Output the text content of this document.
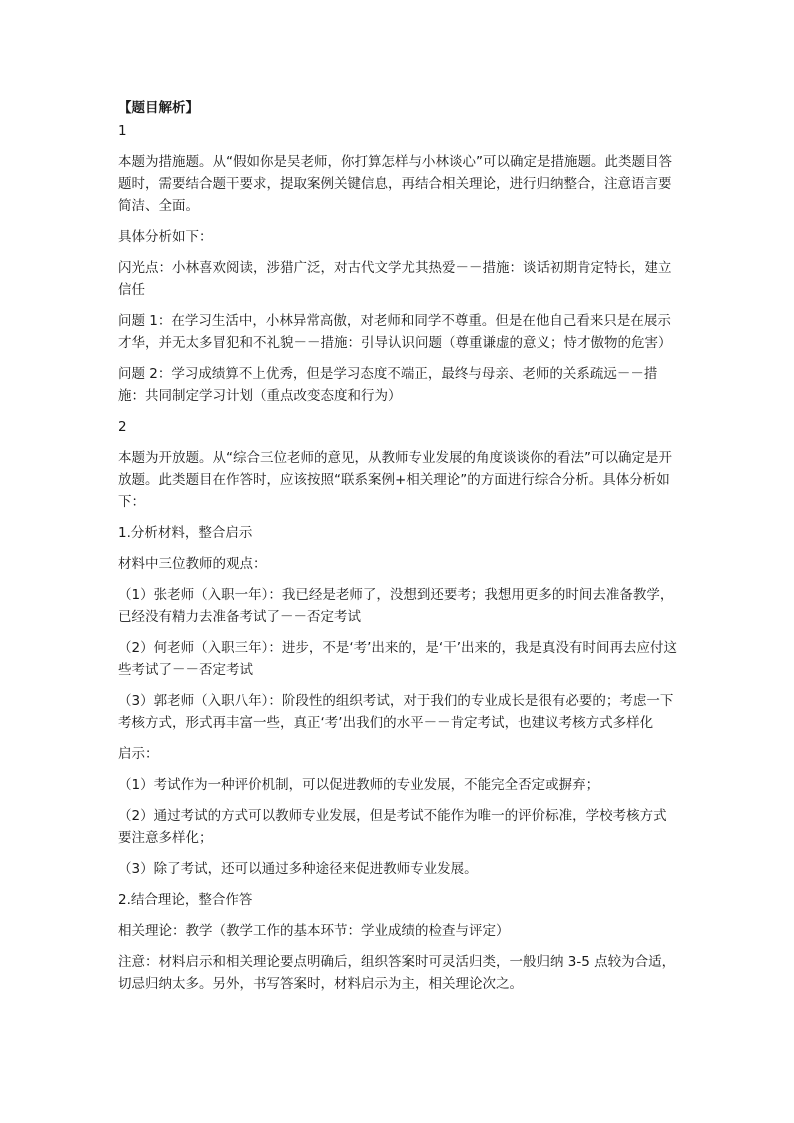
【题目解析】
1
本题为措施题。从“假如你是吴老师，你打算怎样与小林谈心”可以确定是措施题。此类题目答题时，需要结合题干要求，提取案例关键信息，再结合相关理论，进行归纳整合，注意语言要简洁、全面。
具体分析如下：
闪光点：小林喜欢阅读，涉猎广泛，对古代文学尤其热爱－－措施：谈话初期肯定特长，建立信任
问题 1：在学习生活中，小林异常高傲，对老师和同学不尊重。但是在他自己看来只是在展示才华，并无太多冒犯和不礼貌－－措施：引导认识问题（尊重谦虚的意义；恃才傲物的危害）
问题 2：学习成绩算不上优秀，但是学习态度不端正，最终与母亲、老师的关系疏远－－措施：共同制定学习计划（重点改变态度和行为）
2
本题为开放题。从“综合三位老师的意见，从教师专业发展的角度谈谈你的看法”可以确定是开放题。此类题目在作答时，应该按照“联系案例+相关理论”的方面进行综合分析。具体分析如下：
1.分析材料，整合启示
材料中三位教师的观点：
（1）张老师（入职一年）：我已经是老师了，没想到还要考；我想用更多的时间去准备教学，已经没有精力去准备考试了－－否定考试
（2）何老师（入职三年）：进步，不是‘考’出来的，是‘干’出来的，我是真没有时间再去应付这些考试了－－否定考试
（3）郭老师（入职八年）：阶段性的组织考试，对于我们的专业成长是很有必要的；考虑一下考核方式，形式再丰富一些，真正‘考’出我们的水平－－肯定考试，也建议考核方式多样化
启示：
（1）考试作为一种评价机制，可以促进教师的专业发展，不能完全否定或摒弃；
（2）通过考试的方式可以教师专业发展，但是考试不能作为唯一的评价标准，学校考核方式要注意多样化；
（3）除了考试，还可以通过多种途径来促进教师专业发展。
2.结合理论，整合作答
相关理论：教学（教学工作的基本环节：学业成绩的检查与评定）
注意：材料启示和相关理论要点明确后，组织答案时可灵活归类，一般归纳 3-5 点较为合适，切忌归纳太多。另外，书写答案时，材料启示为主，相关理论次之。
